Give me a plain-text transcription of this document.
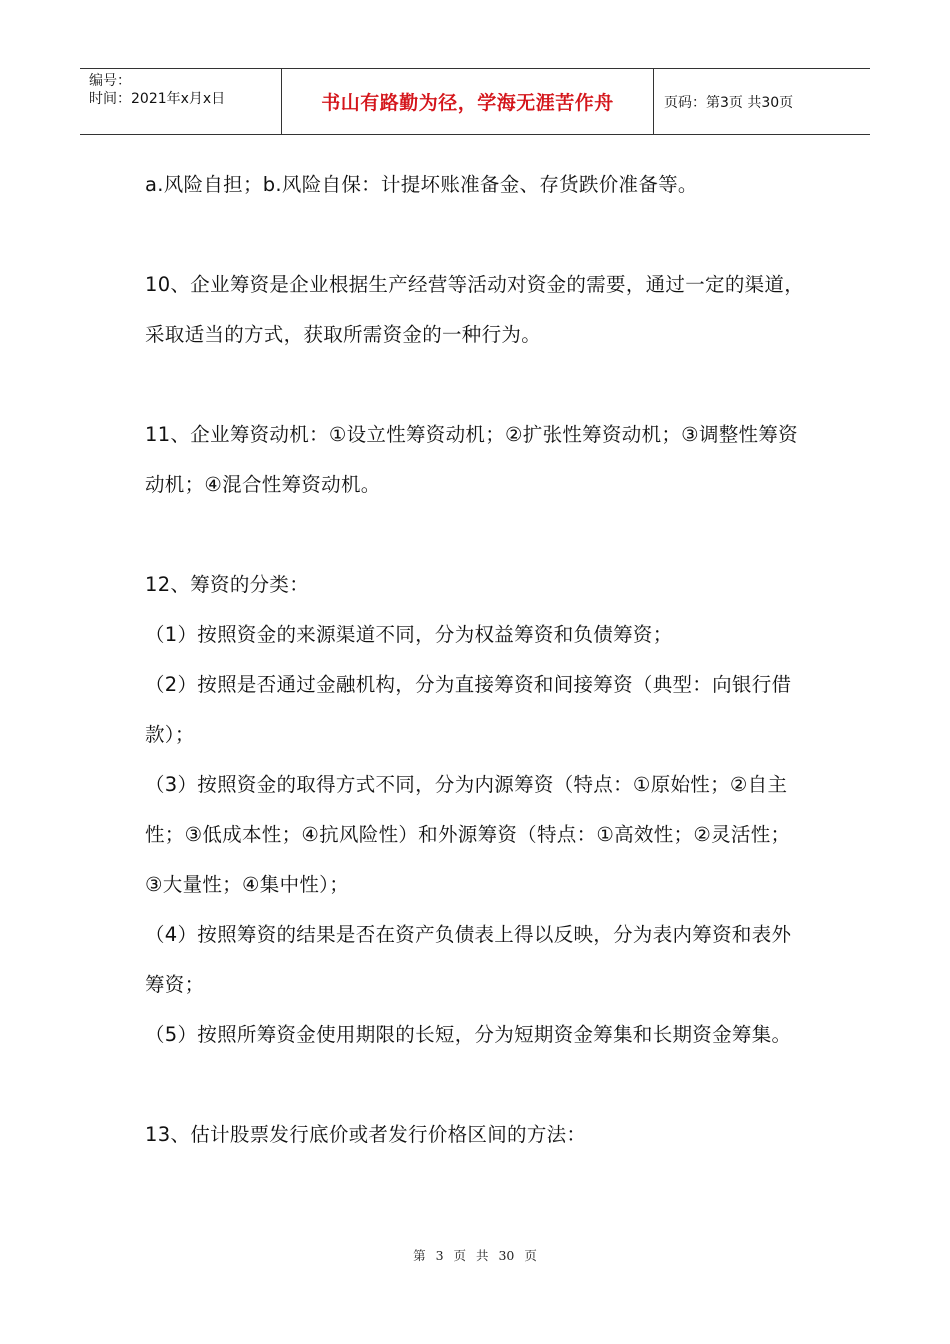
编号：
时间：2021年x月x日	书山有路勤为径，学海无涯苦作舟	页码：第3页 共30页

a.风险自担；b.风险自保：计提坏账准备金、存货跌价准备等。

10、企业筹资是企业根据生产经营等活动对资金的需要，通过一定的渠道，采取适当的方式，获取所需资金的一种行为。

11、企业筹资动机：①设立性筹资动机；②扩张性筹资动机；③调整性筹资动机；④混合性筹资动机。

12、筹资的分类：

（1）按照资金的来源渠道不同，分为权益筹资和负债筹资；

（2）按照是否通过金融机构，分为直接筹资和间接筹资（典型：向银行借款）；

（3）按照资金的取得方式不同，分为内源筹资（特点：①原始性；②自主性；③低成本性；④抗风险性）和外源筹资（特点：①高效性；②灵活性；③大量性；④集中性）；

（4）按照筹资的结果是否在资产负债表上得以反映，分为表内筹资和表外筹资；

（5）按照所筹资金使用期限的长短，分为短期资金筹集和长期资金筹集。

13、估计股票发行底价或者发行价格区间的方法：

第 3 页 共 30 页
